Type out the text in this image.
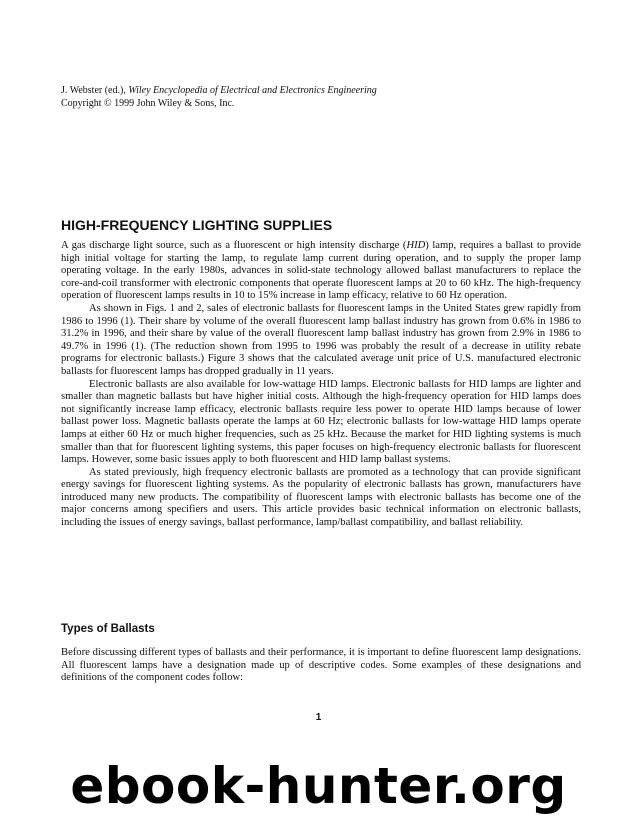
J. Webster (ed.), Wiley Encyclopedia of Electrical and Electronics Engineering
Copyright © 1999 John Wiley & Sons, Inc.
HIGH-FREQUENCY LIGHTING SUPPLIES

A gas discharge light source, such as a fluorescent or high intensity discharge (HID) lamp, requires a ballast to provide high initial voltage for starting the lamp, to regulate lamp current during operation, and to supply the proper lamp operating voltage. In the early 1980s, advances in solid-state technology allowed ballast manufacturers to replace the core-and-coil transformer with electronic components that operate fluorescent lamps at 20 to 60 kHz. The high-frequency operation of fluorescent lamps results in 10 to 15% increase in lamp efficacy, relative to 60 Hz operation.

As shown in Figs. 1 and 2, sales of electronic ballasts for fluorescent lamps in the United States grew rapidly from 1986 to 1996 (1). Their share by volume of the overall fluorescent lamp ballast industry has grown from 0.6% in 1986 to 31.2% in 1996, and their share by value of the overall fluorescent lamp ballast industry has grown from 2.9% in 1986 to 49.7% in 1996 (1). (The reduction shown from 1995 to 1996 was probably the result of a decrease in utility rebate programs for electronic ballasts.) Figure 3 shows that the calculated average unit price of U.S. manufactured electronic ballasts for fluorescent lamps has dropped gradually in 11 years.

Electronic ballasts are also available for low-wattage HID lamps. Electronic ballasts for HID lamps are lighter and smaller than magnetic ballasts but have higher initial costs. Although the high-frequency operation for HID lamps does not significantly increase lamp efficacy, electronic ballasts require less power to operate HID lamps because of lower ballast power loss. Magnetic ballasts operate the lamps at 60 Hz; electronic ballasts for low-wattage HID lamps operate lamps at either 60 Hz or much higher frequencies, such as 25 kHz. Because the market for HID lighting systems is much smaller than that for fluorescent lighting systems, this paper focuses on high-frequency electronic ballasts for fluorescent lamps. However, some basic issues apply to both fluorescent and HID lamp ballast systems.

As stated previously, high frequency electronic ballasts are promoted as a technology that can provide significant energy savings for fluorescent lighting systems. As the popularity of electronic ballasts has grown, manufacturers have introduced many new products. The compatibility of fluorescent lamps with electronic ballasts has become one of the major concerns among specifiers and users. This article provides basic technical information on electronic ballasts, including the issues of energy savings, ballast performance, lamp/ballast compatibility, and ballast reliability.

Types of Ballasts

Before discussing different types of ballasts and their performance, it is important to define fluorescent lamp designations. All fluorescent lamps have a designation made up of descriptive codes. Some examples of these designations and definitions of the component codes follow:

1
ebook-hunter.org
